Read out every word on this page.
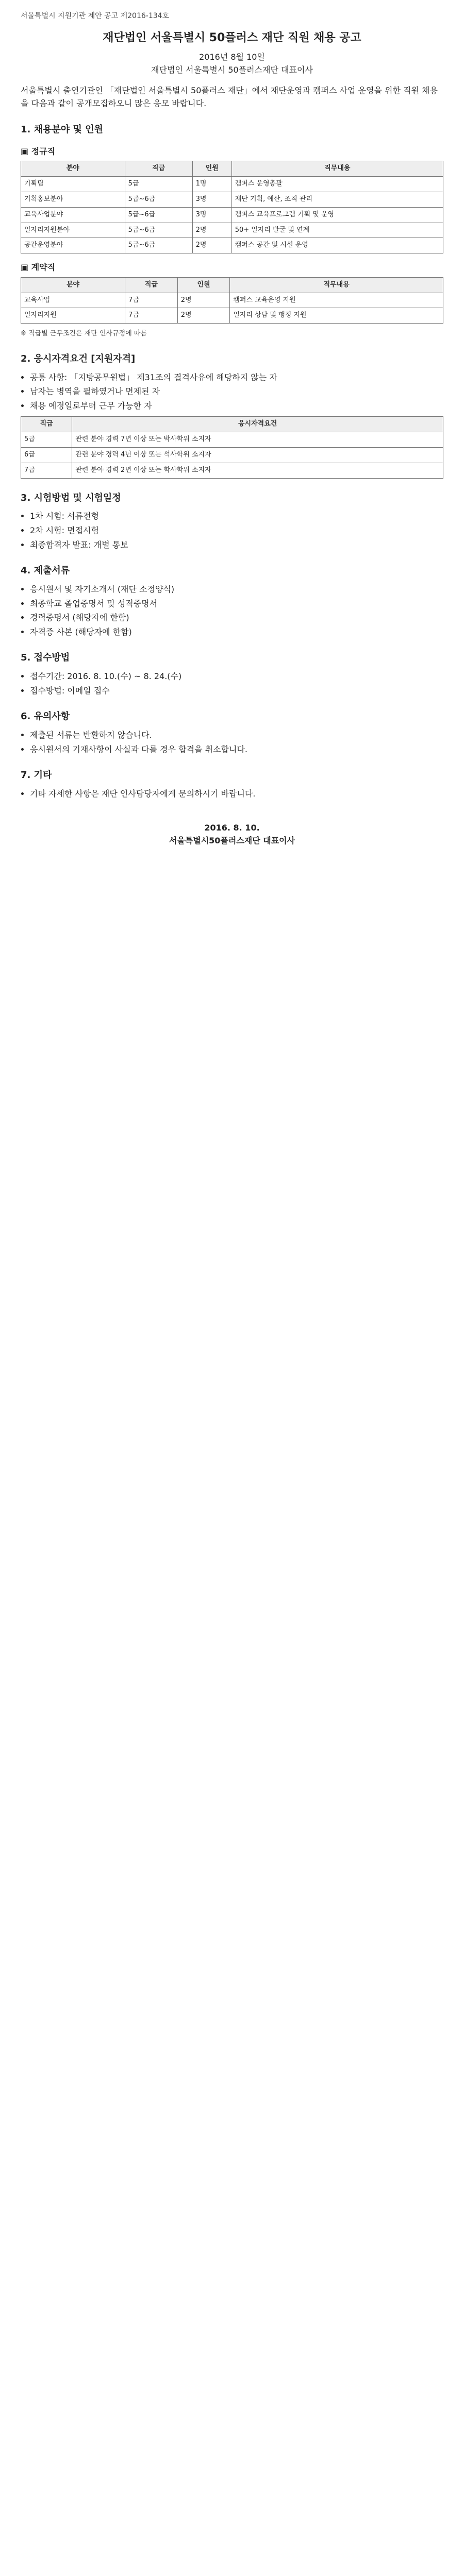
서울특별시 지원기관 제안 공고 제2016-134호
재단법인 서울특별시 50플러스 재단 직원 채용 공고
2016년 8월 10일
재단법인 서울특별시 50플러스재단 대표이사

서울특별시 출연기관인 「재단법인 서울특별시 50플러스 재단」에서 재단운영과 캠퍼스 사업 운영을 위한 직원 채용을 다음과 같이 공개모집하오니 많은 응모 바랍니다.

1. 채용분야 및 인원
▣ 정규직
분야	직급	인원	직무내용
기획팀	5급	1명	캠퍼스 운영총괄
기획홍보분야	5급~6급	3명	재단 기획, 예산, 조직 관리
교육사업분야	5급~6급	3명	캠퍼스 교육프로그램 기획 및 운영
일자리지원분야	5급~6급	2명	50+ 일자리 발굴 및 연계
공간운영분야	5급~6급	2명	캠퍼스 공간 및 시설 운영
▣ 계약직
분야	직급	인원	직무내용
교육사업	7급	2명	캠퍼스 교육운영 지원
일자리지원	7급	2명	일자리 상담 및 행정 지원
※ 직급별 근무조건은 재단 인사규정에 따름
2. 응시자격요건 [지원자격]
• 공통 사항: 「지방공무원법」 제31조의 결격사유에 해당하지 않는 자
• 남자는 병역을 필하였거나 면제된 자
• 채용 예정일로부터 근무 가능한 자
직급	응시자격요건
5급	관련 분야 경력 7년 이상 또는 박사학위 소지자
6급	관련 분야 경력 4년 이상 또는 석사학위 소지자
7급	관련 분야 경력 2년 이상 또는 학사학위 소지자
3. 시험방법 및 시험일정
• 1차 시험: 서류전형
• 2차 시험: 면접시험
• 최종합격자 발표: 개별 통보
4. 제출서류
• 응시원서 및 자기소개서 (재단 소정양식)
• 최종학교 졸업증명서 및 성적증명서
• 경력증명서 (해당자에 한함)
• 자격증 사본 (해당자에 한함)
5. 접수방법
• 접수기간: 2016. 8. 10.(수) ~ 8. 24.(수)
• 접수방법: 이메일 접수
6. 유의사항
• 제출된 서류는 반환하지 않습니다.
• 응시원서의 기재사항이 사실과 다를 경우 합격을 취소합니다.
7. 기타
• 기타 자세한 사항은 재단 인사담당자에게 문의하시기 바랍니다.
2016. 8. 10.
서울특별시50플러스재단 대표이사
